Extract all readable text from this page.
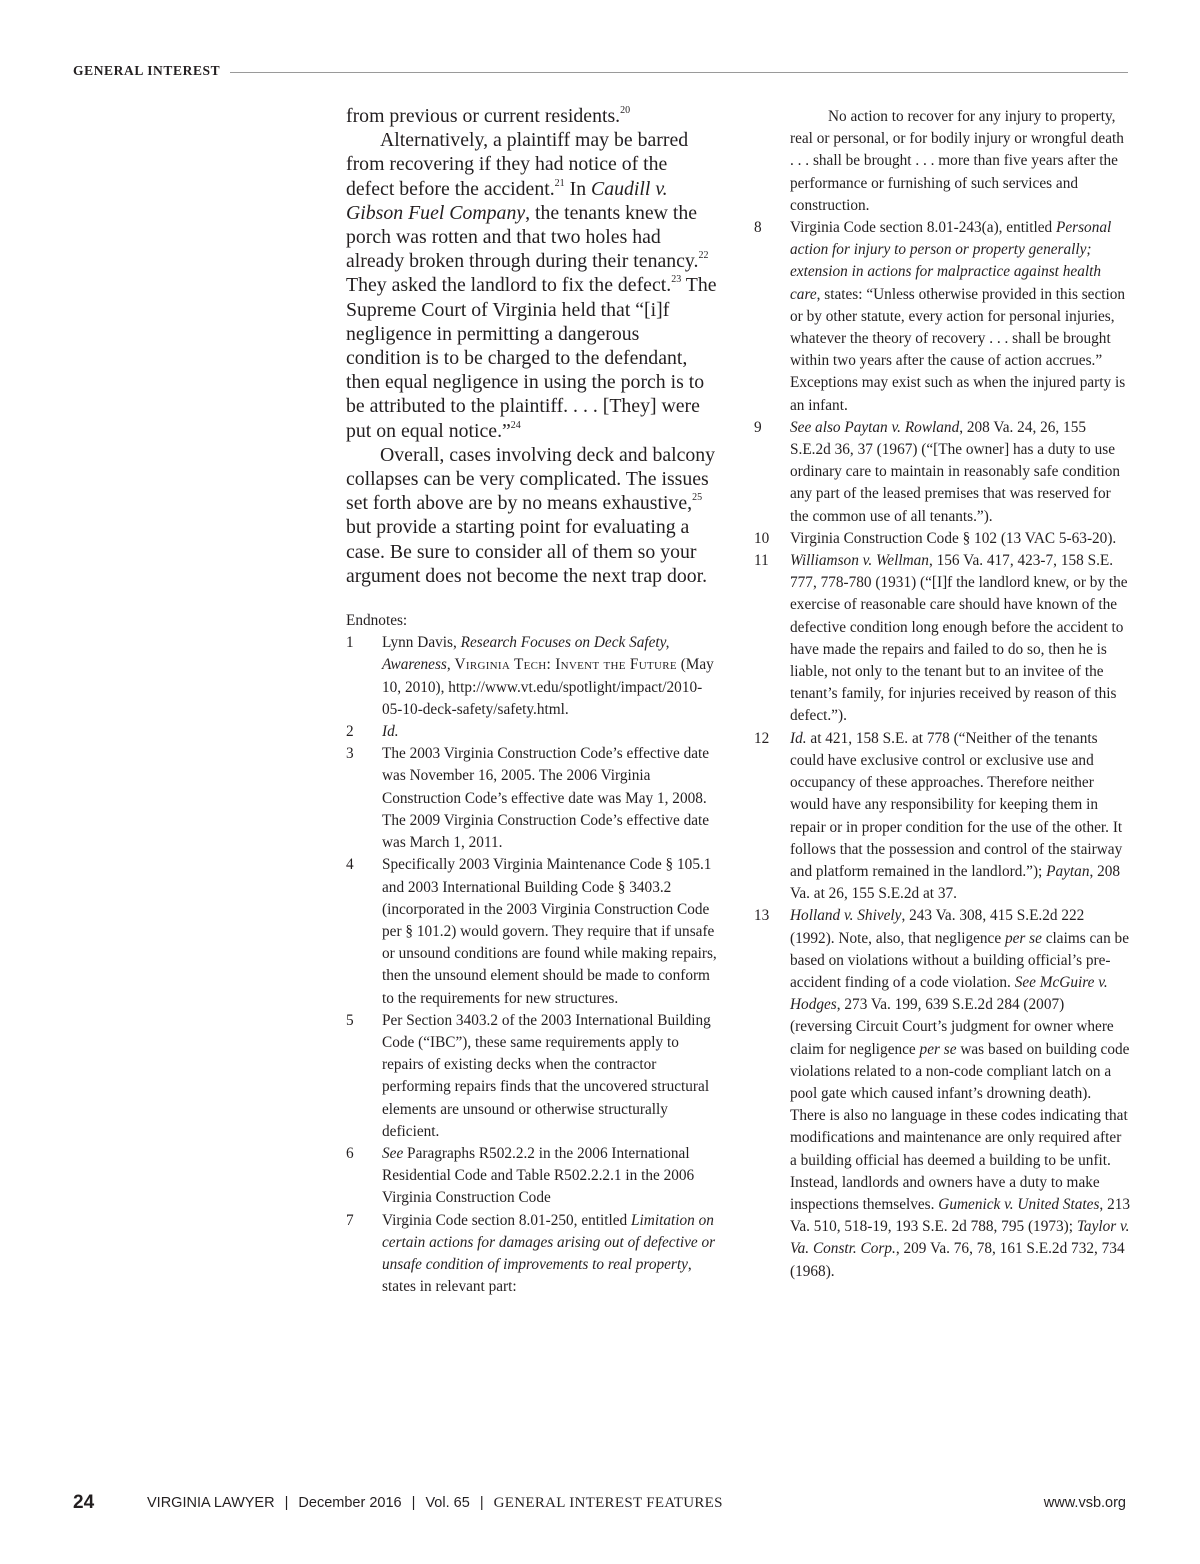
GENERAL INTEREST

from previous or current residents.$^{20}$

Alternatively, a plaintiff may be barred from recovering if they had notice of the defect before the accident.$^{21}$ In Caudill v. Gibson Fuel Company, the tenants knew the porch was rotten and that two holes had already broken through during their tenancy.$^{22}$ They asked the landlord to fix the defect.$^{23}$ The Supreme Court of Virginia held that “[i]f negligence in permitting a dangerous condition is to be charged to the defendant, then equal negligence in using the porch is to be attributed to the plaintiff. . . . [They] were put on equal notice.”$^{24}$

Overall, cases involving deck and balcony collapses can be very complicated. The issues set forth above are by no means exhaustive,$^{25}$ but provide a starting point for evaluating a case. Be sure to consider all of them so your argument does not become the next trap door.

Endnotes:
1	Lynn Davis, Research Focuses on Deck Safety, Awareness, Virginia Tech: Invent the Future (May 10, 2010), http://www.vt.edu/spotlight/impact/2010-05-10-deck-safety/safety.html.
2	Id.
3	The 2003 Virginia Construction Code’s effective date was November 16, 2005. The 2006 Virginia Construction Code’s effective date was May 1, 2008. The 2009 Virginia Construction Code’s effective date was March 1, 2011.
4	Specifically 2003 Virginia Maintenance Code § 105.1 and 2003 International Building Code § 3403.2 (incorporated in the 2003 Virginia Construction Code per § 101.2) would govern. They require that if unsafe or unsound conditions are found while making repairs, then the unsound element should be made to conform to the requirements for new structures.
5	Per Section 3403.2 of the 2003 International Building Code (“IBC”), these same requirements apply to repairs of existing decks when the contractor performing repairs finds that the uncovered structural elements are unsound or otherwise structurally deficient.
6	See Paragraphs R502.2.2 in the 2006 International Residential Code and Table R502.2.2.1 in the 2006 Virginia Construction Code
7	Virginia Code section 8.01-250, entitled Limitation on certain actions for damages arising out of defective or unsafe condition of improvements to real property, states in relevant part:

No action to recover for any injury to property, real or personal, or for bodily injury or wrongful death . . . shall be brought . . . more than five years after the performance or furnishing of such services and construction.

8	Virginia Code section 8.01-243(a), entitled Personal action for injury to person or property generally; extension in actions for malpractice against health care, states: “Unless otherwise provided in this section or by other statute, every action for personal injuries, whatever the theory of recovery . . . shall be brought within two years after the cause of action accrues.” Exceptions may exist such as when the injured party is an infant.
9	See also Paytan v. Rowland, 208 Va. 24, 26, 155 S.E.2d 36, 37 (1967) (“[The owner] has a duty to use ordinary care to maintain in reasonably safe condition any part of the leased premises that was reserved for the common use of all tenants.”).
10	Virginia Construction Code § 102 (13 VAC 5-63-20).
11	Williamson v. Wellman, 156 Va. 417, 423-7, 158 S.E. 777, 778-780 (1931) (“[I]f the landlord knew, or by the exercise of reasonable care should have known of the defective condition long enough before the accident to have made the repairs and failed to do so, then he is liable, not only to the tenant but to an invitee of the tenant’s family, for injuries received by reason of this defect.”).
12	Id. at 421, 158 S.E. at 778 (“Neither of the tenants could have exclusive control or exclusive use and occupancy of these approaches. Therefore neither would have any responsibility for keeping them in repair or in proper condition for the use of the other. It follows that the possession and control of the stairway and platform remained in the landlord.”); Paytan, 208 Va. at 26, 155 S.E.2d at 37.
13	Holland v. Shively, 243 Va. 308, 415 S.E.2d 222 (1992). Note, also, that negligence per se claims can be based on violations without a building official’s pre-accident finding of a code violation. See McGuire v. Hodges, 273 Va. 199, 639 S.E.2d 284 (2007) (reversing Circuit Court’s judgment for owner where claim for negligence per se was based on building code violations related to a non-code compliant latch on a pool gate which caused infant’s drowning death). There is also no language in these codes indicating that modifications and maintenance are only required after a building official has deemed a building to be unfit. Instead, landlords and owners have a duty to make inspections themselves. Gumenick v. United States, 213 Va. 510, 518-19, 193 S.E. 2d 788, 795 (1973); Taylor v. Va. Constr. Corp., 209 Va. 76, 78, 161 S.E.2d 732, 734 (1968).
24	VIRGINIA LAWYER | December 2016 | Vol. 65 | GENERAL INTEREST FEATURES	www.vsb.org
